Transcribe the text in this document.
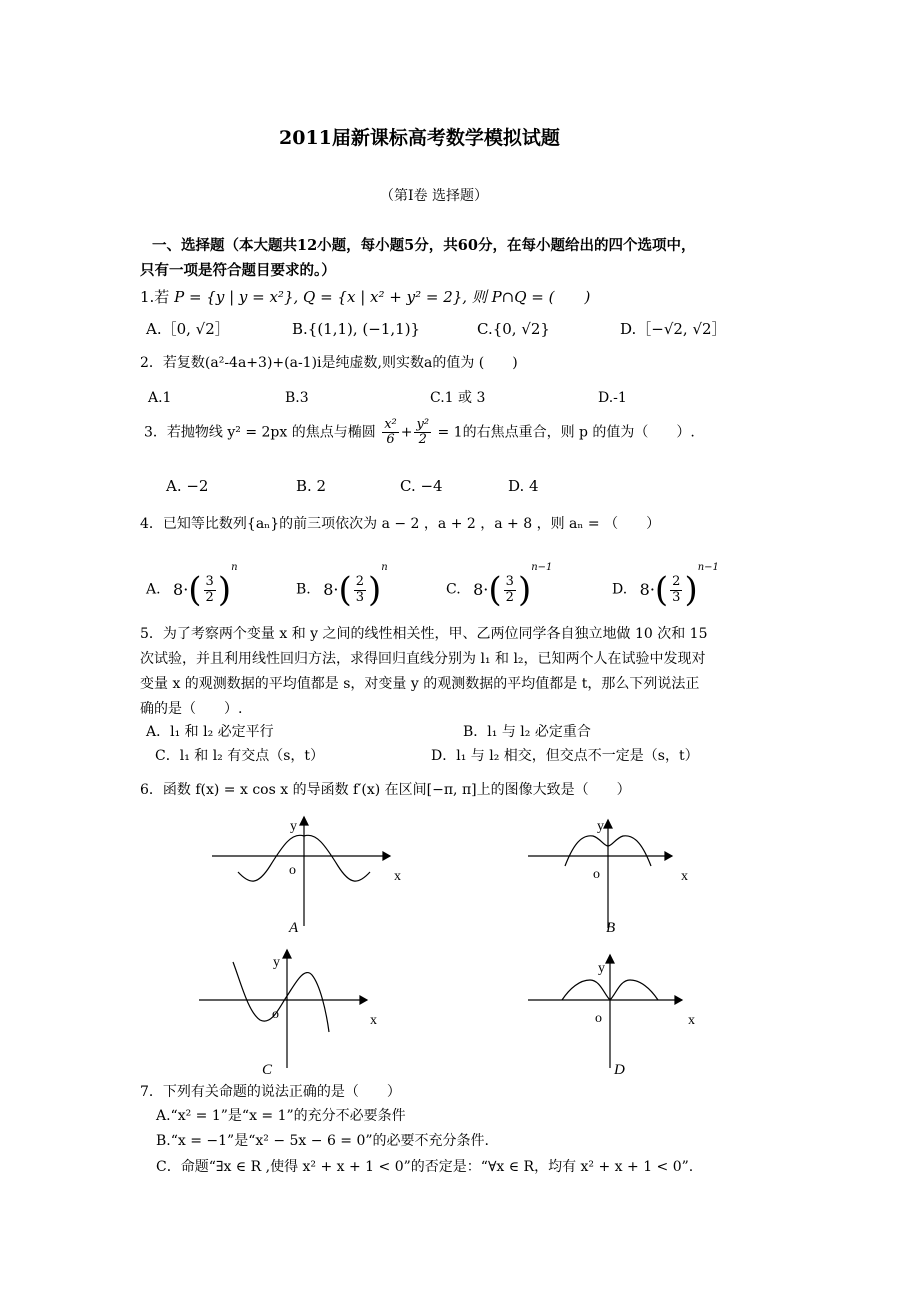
2011届新课标高考数学模拟试题
（第Ⅰ卷 选择题）
一、选择题（本大题共12小题，每小题5分，共60分，在每小题给出的四个选项中，
只有一项是符合题目要求的。）
1.若 P = {y | y = x²}, Q = {x | x² + y² = 2}, 则 P∩Q = (　　)
A.［0, √2］	B.{(1,1), (−1,1)}	C.{0, √2}	D.［−√2, √2］
2．若复数(a²-4a+3)+(a-1)i是纯虚数,则实数a的值为 (　　)
A.1	B.3	C.1 或 3	D.-1
3．若抛物线 y² = 2px 的焦点与椭圆 $\frac{\text{x²}}{6} + \frac{\text{y²}}{2} = 1$的右焦点重合，则 p 的值为（　　）.
A. −2	B. 2	C. −4	D. 4
4．已知等比数列{aₙ}的前三项依次为 a − 2 ，a + 2 ，a + 8 ，则 aₙ = （　　）
A. $8\cdot( \frac{3}{2} )^n$
B. $8\cdot( \frac{2}{3} )^n$
C. $8\cdot( \frac{3}{2} )^{n-1}$
D. $8\cdot( \frac{2}{3} )^{n-1}$
5．为了考察两个变量 x 和 y 之间的线性相关性，甲、乙两位同学各自独立地做 10 次和 15
次试验，并且利用线性回归方法，求得回归直线分别为 l₁ 和 l₂，已知两个人在试验中发现对
变量 x 的观测数据的平均值都是 s，对变量 y 的观测数据的平均值都是 t，那么下列说法正
确的是（　　）.
A．l₁ 和 l₂ 必定平行	B．l₁ 与 l₂ 必定重合
C．l₁ 和 l₂ 有交点（s，t）	D．l₁ 与 l₂ 相交，但交点不一定是（s，t）
6．函数 f(x) = x cos x 的导函数 f′(x) 在区间[−π, π]上的图像大致是（　　）
y
x
o
A
y
x
o
B
y
x
o
C
y
x
o
D
7．下列有关命题的说法正确的是（　　）
A.“x² = 1”是“x = 1”的充分不必要条件
B.“x = −1”是“x² − 5x − 6 = 0”的必要不充分条件.
C．命题“∃x ∈ R ,使得 x² + x + 1 < 0”的否定是：“∀x ∈ R，均有 x² + x + 1 < 0”.
